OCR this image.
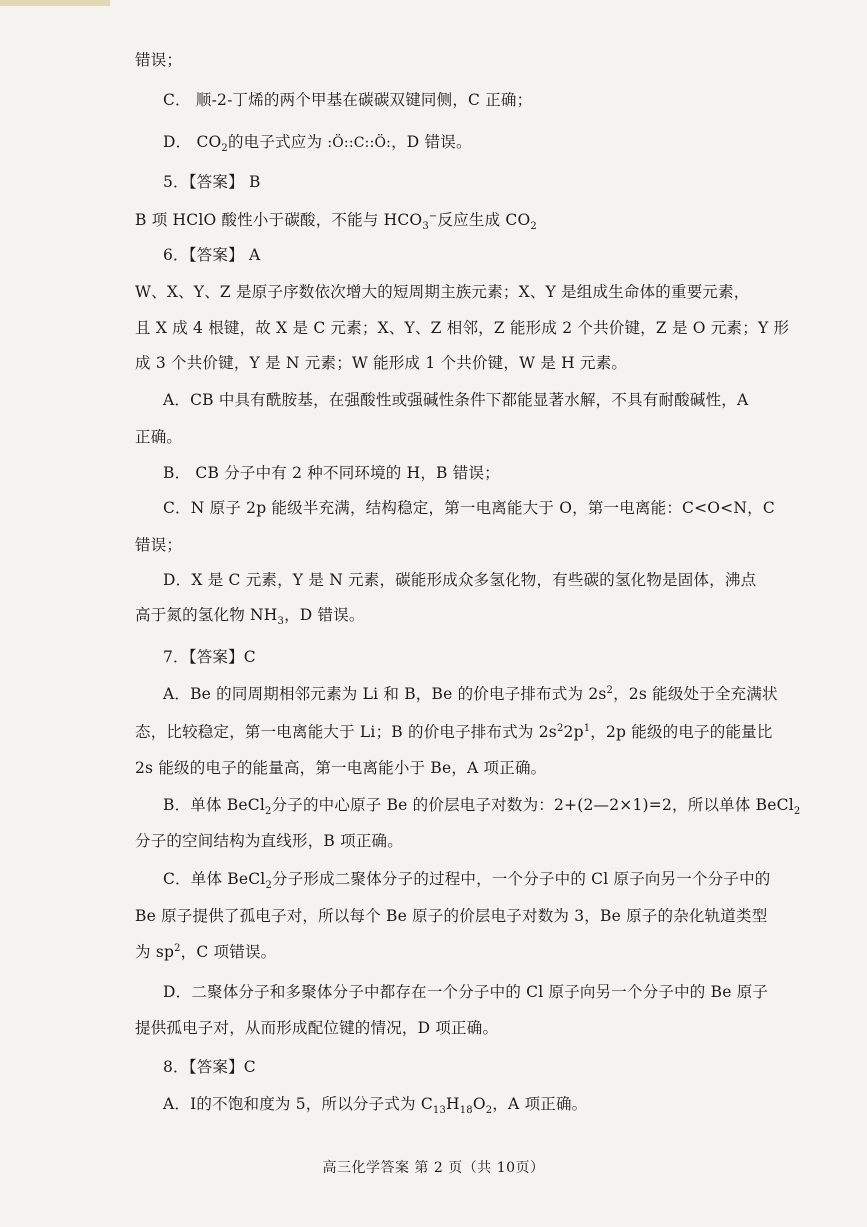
错误；
C． 顺-2-丁烯的两个甲基在碳碳双键同侧，C 正确；
D． $CO_2$的电子式应为 :Ö::C::Ö:，D 错误。
5．【答案】 B
B 项 HClO 酸性小于碳酸，不能与 $HCO_3^-$反应生成 $CO_2$
6．【答案】 A
W、X、Y、Z 是原子序数依次增大的短周期主族元素；X、Y 是组成生命体的重要元素，
且 X 成 4 根键，故 X 是 C 元素；X、Y、Z 相邻，Z 能形成 2 个共价键，Z 是 O 元素；Y 形
成 3 个共价键，Y 是 N 元素；W 能形成 1 个共价键，W 是 H 元素。
A．CB 中具有酰胺基，在强酸性或强碱性条件下都能显著水解，不具有耐酸碱性，A
正确。
B． CB 分子中有 2 种不同环境的 H，B 错误；
C．N 原子 2p 能级半充满，结构稳定，第一电离能大于 O，第一电离能：C<O<N，C
错误；
D．X 是 C 元素，Y 是 N 元素，碳能形成众多氢化物，有些碳的氢化物是固体，沸点
高于氮的氢化物 $NH_3$，D 错误。
7．【答案】C
A．Be 的同周期相邻元素为 Li 和 B，Be 的价电子排布式为 $2s^2$，2s 能级处于全充满状
态，比较稳定，第一电离能大于 Li；B 的价电子排布式为 $2s^22p^1$，2p 能级的电子的能量比
2s 能级的电子的能量高，第一电离能小于 Be，A 项正确。
B．单体 BeCl$_2$分子的中心原子 Be 的价层电子对数为：2+(2—2×1)=2，所以单体 BeCl$_2$
分子的空间结构为直线形，B 项正确。
C．单体 BeCl$_2$分子形成二聚体分子的过程中，一个分子中的 Cl 原子向另一个分子中的
Be 原子提供了孤电子对，所以每个 Be 原子的价层电子对数为 3，Be 原子的杂化轨道类型
为 $sp^2$，C 项错误。
D．二聚体分子和多聚体分子中都存在一个分子中的 Cl 原子向另一个分子中的 Be 原子
提供孤电子对，从而形成配位键的情况，D 项正确。
8．【答案】C
A．Ⅰ的不饱和度为 5，所以分子式为 $C_{13}H_{18}O_2$，A 项正确。
高三化学答案 第 2 页（共 10页）
